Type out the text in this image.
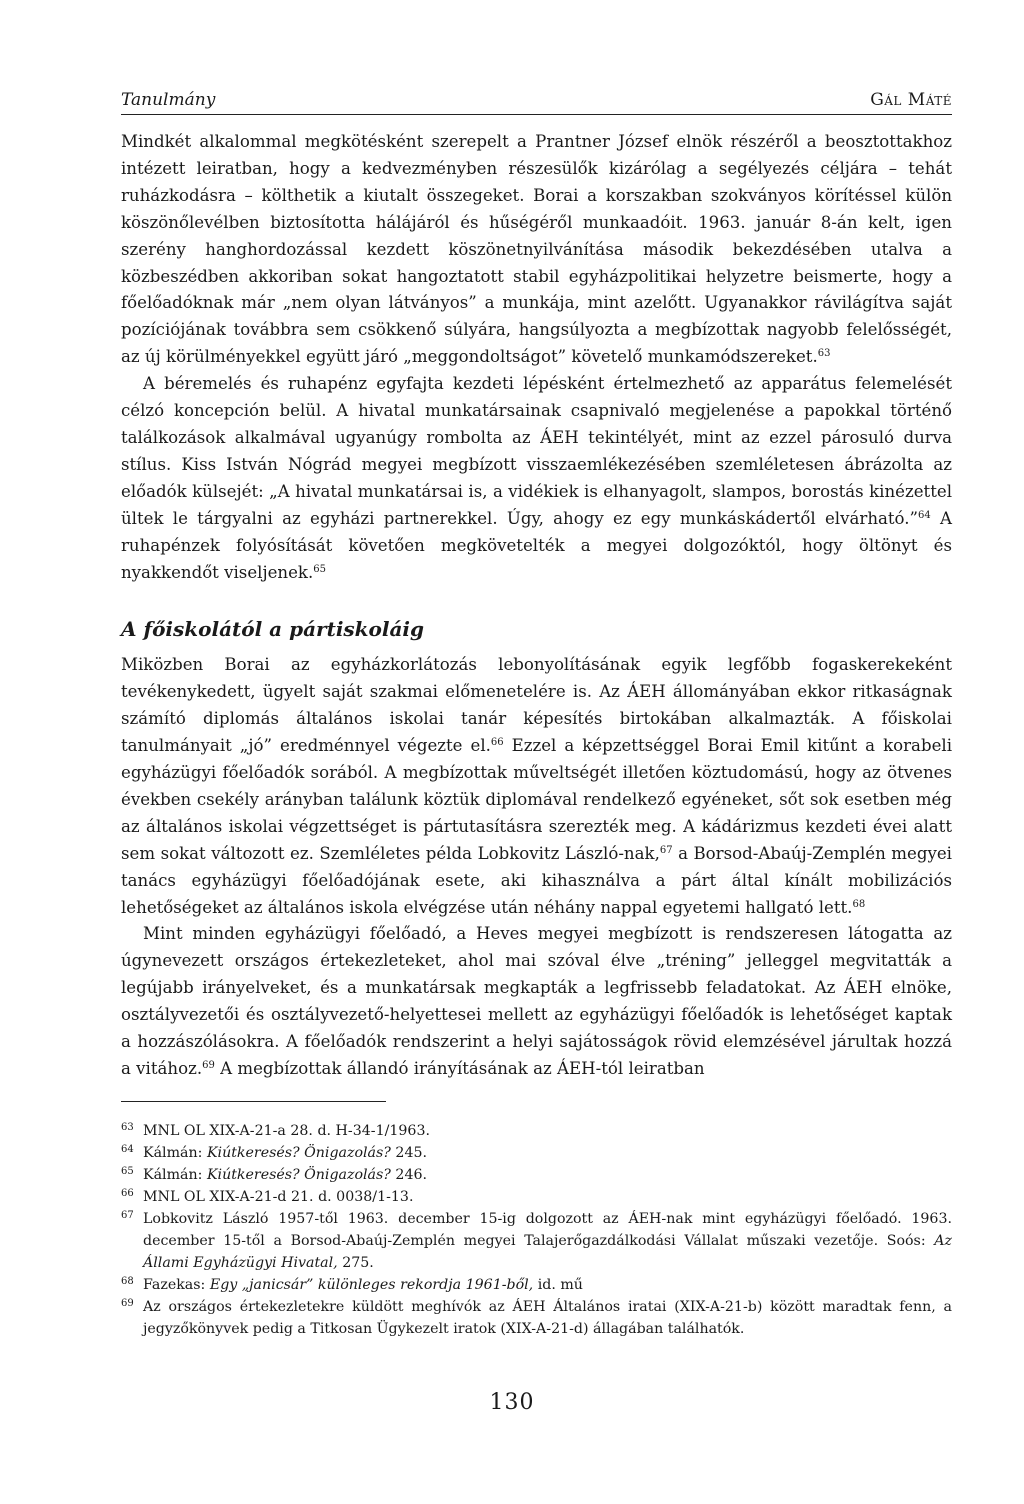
Tanulmány	Gál Máté

Mindkét alkalommal megkötésként szerepelt a Prantner József elnök részéről a beosztottakhoz intézett leiratban, hogy a kedvezményben részesülők kizárólag a segélyezés céljára – tehát ruházkodásra – költhetik a kiutalt összegeket. Borai a korszakban szokványos körítéssel külön köszönőlevélben biztosította hálájáról és hűségéről munkaadóit. 1963. január 8-án kelt, igen szerény hanghordozással kezdett köszönetnyilvánítása második bekezdésében utalva a közbeszédben akkoriban sokat hangoztatott stabil egyházpolitikai helyzetre beismerte, hogy a főelőadóknak már „nem olyan látványos” a munkája, mint azelőtt. Ugyanakkor rávilágítva saját pozíciójának továbbra sem csökkenő súlyára, hangsúlyozta a megbízottak nagyobb felelősségét, az új körülményekkel együtt járó „meggondoltságot” követelő munkamódszereket.$^{63}$

A béremelés és ruhapénz egyfajta kezdeti lépésként értelmezhető az apparátus felemelését célzó koncepción belül. A hivatal munkatársainak csapnivaló megjelenése a papokkal történő találkozások alkalmával ugyanúgy rombolta az ÁEH tekintélyét, mint az ezzel párosuló durva stílus. Kiss István Nógrád megyei megbízott visszaemlékezésében szemléletesen ábrázolta az előadók külsejét: „A hivatal munkatársai is, a vidékiek is elhanyagolt, slampos, borostás kinézettel ültek le tárgyalni az egyházi partnerekkel. Úgy, ahogy ez egy munkáskádertől elvárható.”$^{64}$ A ruhapénzek folyósítását követően megkövetelték a megyei dolgozóktól, hogy öltönyt és nyakkendőt viseljenek.$^{65}$

A főiskolától a pártiskoláig

Miközben Borai az egyházkorlátozás lebonyolításának egyik legfőbb fogaskerekeként tevékenykedett, ügyelt saját szakmai előmenetelére is. Az ÁEH állományában ekkor ritkaságnak számító diplomás általános iskolai tanár képesítés birtokában alkalmazták. A főiskolai tanulmányait „jó” eredménnyel végezte el.$^{66}$ Ezzel a képzettséggel Borai Emil kitűnt a korabeli egyházügyi főelőadók sorából. A megbízottak műveltségét illetően köztudomású, hogy az ötvenes években csekély arányban találunk köztük diplomával rendelkező egyéneket, sőt sok esetben még az általános iskolai végzettséget is pártutasításra szerezték meg. A kádárizmus kezdeti évei alatt sem sokat változott ez. Szemléletes példa Lobkovitz László-nak,$^{67}$ a Borsod-Abaúj-Zemplén megyei tanács egyházügyi főelőadójának esete, aki kihasználva a párt által kínált mobilizációs lehetőségeket az általános iskola elvégzése után néhány nappal egyetemi hallgató lett.$^{68}$

Mint minden egyházügyi főelőadó, a Heves megyei megbízott is rendszeresen látogatta az úgynevezett országos értekezleteket, ahol mai szóval élve „tréning” jelleggel megvitatták a legújabb irányelveket, és a munkatársak megkapták a legfrissebb feladatokat. Az ÁEH elnöke, osztályvezetői és osztályvezető-helyettesei mellett az egyházügyi főelőadók is lehetőséget kaptak a hozzászólásokra. A főelőadók rendszerint a helyi sajátosságok rövid elemzésével járultak hozzá a vitához.$^{69}$ A megbízottak állandó irányításának az ÁEH-tól leiratban

63 MNL OL XIX-A-21-a 28. d. H-34-1/1963.
64 Kálmán: Kiútkeresés? Önigazolás? 245.
65 Kálmán: Kiútkeresés? Önigazolás? 246.
66 MNL OL XIX-A-21-d 21. d. 0038/1-13.
67 Lobkovitz László 1957-től 1963. december 15-ig dolgozott az ÁEH-nak mint egyházügyi főelőadó. 1963. december 15-től a Borsod-Abaúj-Zemplén megyei Talajerőgazdálkodási Vállalat műszaki vezetője. Soós: Az Állami Egyházügyi Hivatal, 275.
68 Fazekas: Egy „janicsár” különleges rekordja 1961-ből, id. mű
69 Az országos értekezletekre küldött meghívók az ÁEH Általános iratai (XIX-A-21-b) között maradtak fenn, a jegyzőkönyvek pedig a Titkosan Ügykezelt iratok (XIX-A-21-d) állagában találhatók.
130
